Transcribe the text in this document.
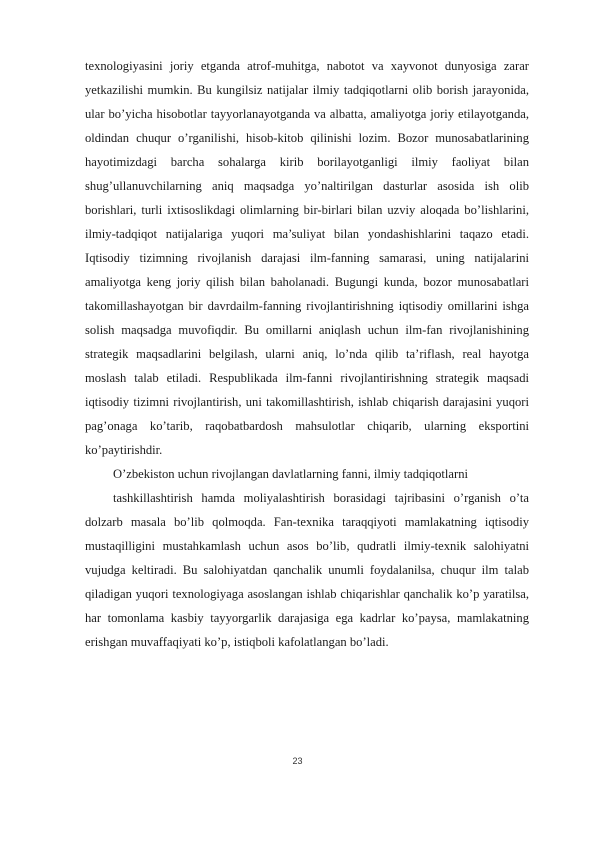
texnologiyasini joriy etganda atrof-muhitga, nabotot va xayvonot dunyosiga zarar yetkazilishi mumkin. Bu kungilsiz natijalar ilmiy tadqiqotlarni olib borish jarayonida, ular bo’yicha hisobotlar tayyorlanayotganda va albatta, amaliyotga joriy etilayotganda, oldindan chuqur o’rganilishi, hisob-kitob qilinishi lozim. Bozor munosabatlarining hayotimizdagi barcha sohalarga kirib borilayotganligi ilmiy faoliyat bilan shug’ullanuvchilarning aniq maqsadga yo’naltirilgan dasturlar asosida ish olib borishlari, turli ixtisoslikdagi olimlarning bir-birlari bilan uzviy aloqada bo’lishlarini, ilmiy-tadqiqot natijalariga yuqori ma’suliyat bilan yondashishlarini taqazo etadi. Iqtisodiy tizimning rivojlanish darajasi ilm-fanning samarasi, uning natijalarini amaliyotga keng joriy qilish bilan baholanadi. Bugungi kunda, bozor munosabatlari takomillashayotgan bir davrdailm-fanning rivojlantirishning iqtisodiy omillarini ishga solish maqsadga muvofiqdir. Bu omillarni aniqlash uchun ilm-fan rivojlanishining strategik maqsadlarini belgilash, ularni aniq, lo’nda qilib ta’riflash, real hayotga moslash talab etiladi. Respublikada ilm-fanni rivojlantirishning strategik maqsadi iqtisodiy tizimni rivojlantirish, uni takomillashtirish, ishlab chiqarish darajasini yuqori pag’onaga ko’tarib, raqobatbardosh mahsulotlar chiqarib, ularning eksportini ko’paytirishdir.

O’zbekiston uchun rivojlangan davlatlarning fanni, ilmiy tadqiqotlarni

tashkillashtirish hamda moliyalashtirish borasidagi tajribasini o’rganish o’ta dolzarb masala bo’lib qolmoqda. Fan-texnika taraqqiyoti mamlakatning iqtisodiy mustaqilligini mustahkamlash uchun asos bo’lib, qudratli ilmiy-texnik salohiyatni vujudga keltiradi. Bu salohiyatdan qanchalik unumli foydalanilsa, chuqur ilm talab qiladigan yuqori texnologiyaga asoslangan ishlab chiqarishlar qanchalik ko’p yaratilsa, har tomonlama kasbiy tayyorgarlik darajasiga ega kadrlar ko’paysa, mamlakatning erishgan muvaffaqiyati ko’p, istiqboli kafolatlangan bo’ladi.

23
